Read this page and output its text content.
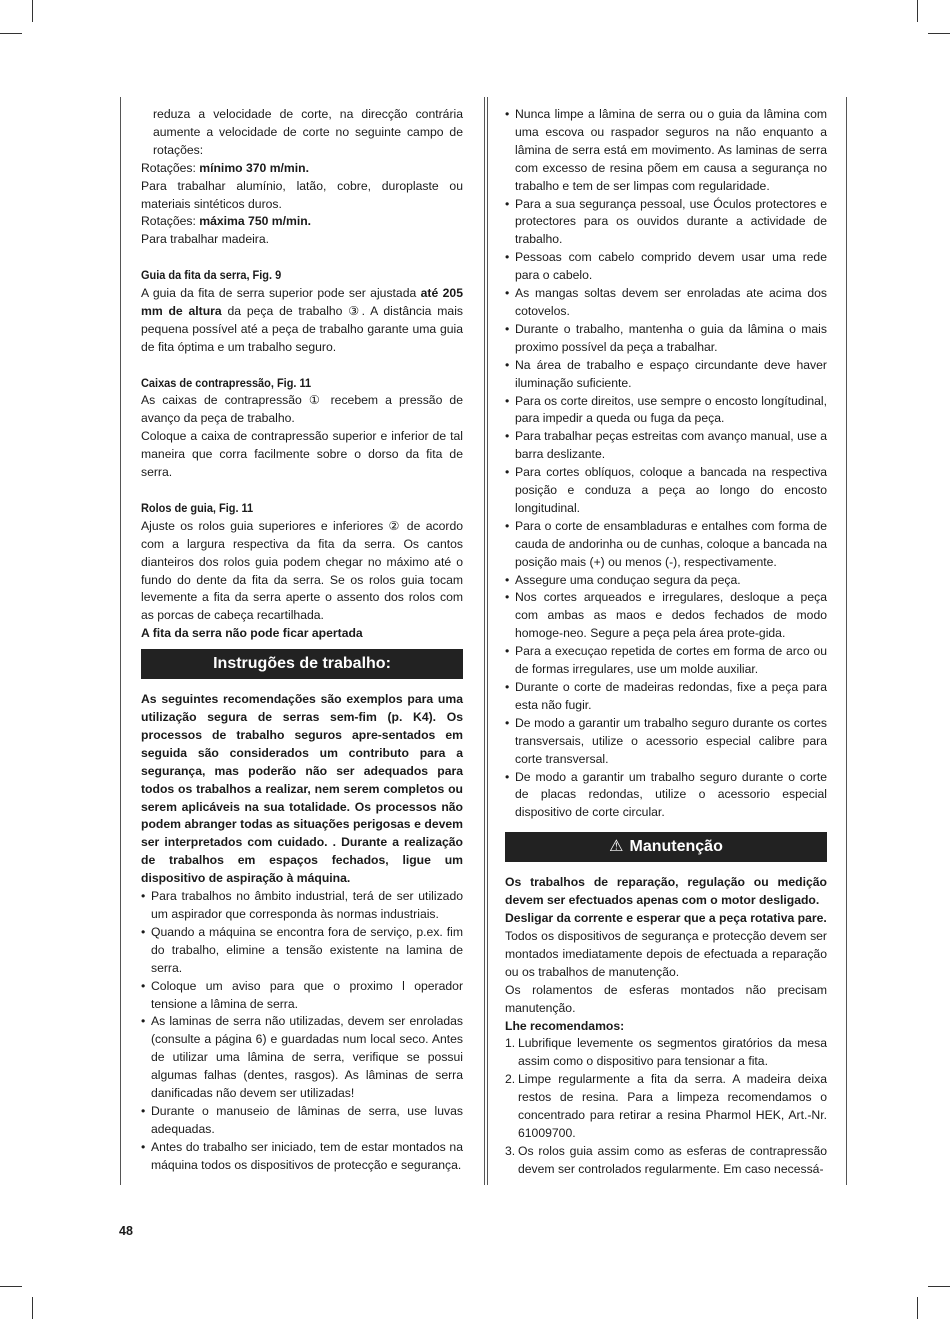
reduza a velocidade de corte, na direcção contrária aumente a velocidade de corte no seguinte campo de rotações:

Rotações: mínimo 370 m/min.

Para trabalhar alumínio, latão, cobre, duroplaste ou materiais sintéticos duros.

Rotações: máxima 750 m/min.

Para trabalhar madeira.

Guia da fita da serra, Fig. 9

A guia da fita de serra superior pode ser ajustada até 205 mm de altura da peça de trabalho ③. A distância mais pequena possível até a peça de trabalho garante uma guia de fita óptima e um trabalho seguro.

Caixas de contrapressão, Fig. 11

As caixas de contrapressão ① recebem a pressão de avanço da peça de trabalho.

Coloque a caixa de contrapressão superior e inferior de tal maneira que corra facilmente sobre o dorso da fita de serra.

Rolos de guia, Fig. 11

Ajuste os rolos guia superiores e inferiores ② de acordo com a largura respectiva da fita da serra. Os cantos dianteiros dos rolos guia podem chegar no máximo até o fundo do dente da fita da serra. Se os rolos guia tocam levemente a fita da serra aperte o assento dos rolos com as porcas de cabeça recartilhada.

A fita da serra não pode ficar apertada

Instrugões de trabalho:

As seguintes recomendações são exemplos para uma utilização segura de serras sem-fim (p. K4). Os processos de trabalho seguros apre-sentados em seguida são considerados um contributo para a segurança, mas poderão não ser adequados para todos os trabalhos a realizar, nem serem completos ou serem aplicáveis na sua totalidade. Os processos não podem abranger todas as situações perigosas e devem ser interpretados com cuidado. . Durante a realização de trabalhos em espaços fechados, ligue um dispositivo de aspiração à máquina.

• Para trabalhos no âmbito industrial, terá de ser utilizado um aspirador que corresponda às normas industriais.
• Quando a máquina se encontra fora de serviço, p.ex. fim do trabalho, elimine a tensão existente na lamina de serra.
• Coloque um aviso para que o proximo l operador tensione a lâmina de serra.
• As laminas de serra não utilizadas, devem ser enroladas (consulte a página 6) e guardadas num local seco. Antes de utilizar uma lâmina de serra, verifique se possui algumas falhas (dentes, rasgos). As lâminas de serra danificadas não devem ser utilizadas!
• Durante o manuseio de lâminas de serra, use luvas adequadas.
• Antes do trabalho ser iniciado, tem de estar montados na máquina todos os dispositivos de protecção e segurança.
• Nunca limpe a lâmina de serra ou o guia da lâmina com uma escova ou raspador seguros na não enquanto a lâmina de serra está em movimento. As laminas de serra com excesso de resina põem em causa a segurança no trabalho e tem de ser limpas com regularidade.
• Para a sua segurança pessoal, use Óculos protectores e protectores para os ouvidos durante a actividade de trabalho.
• Pessoas com cabelo comprido devem usar uma rede para o cabelo.
• As mangas soltas devem ser enroladas ate acima dos cotovelos.
• Durante o trabalho, mantenha o guia da lâmina o mais proximo possível da peça a trabalhar.
• Na área de trabalho e espaço circundante deve haver iluminação suficiente.
• Para os corte direitos, use sempre o encosto longítudinal, para impedir a queda ou fuga da peça.
• Para trabalhar peças estreitas com avanço manual, use a barra deslizante.
• Para cortes oblíquos, coloque a bancada na respectiva posição e conduza a peça ao longo do encosto longitudinal.
• Para o corte de ensambladuras e entalhes com forma de cauda de andorinha ou de cunhas, coloque a bancada na posição mais (+) ou menos (-), respectivamente.
• Assegure uma conduçao segura da peça.
• Nos cortes arqueados e irregulares, desloque a peça com ambas as maos e dedos fechados de modo homoge-neo. Segure a peça pela área prote-gida.
• Para a execuçao repetida de cortes em forma de arco ou de formas irregulares, use um molde auxiliar.
• Durante o corte de madeiras redondas, fixe a peça para esta não fugir.
• De modo a garantir um trabalho seguro durante os cortes transversais, utilize o acessorio especial calibre para corte transversal.
• De modo a garantir um trabalho seguro durante o corte de placas redondas, utilize o acessorio especial dispositivo de corte circular.
⚠ Manutenção

Os trabalhos de reparação, regulação ou medição devem ser efectuados apenas com o motor desligado.

Desligar da corrente e esperar que a peça rotativa pare.

Todos os dispositivos de segurança e protecção devem ser montados imediatamente depois de efectuada a reparação ou os trabalhos de manutenção.

Os rolamentos de esferas montados não precisam manutenção.

Lhe recomendamos:

1. Lubrifique levemente os segmentos giratórios da mesa assim como o dispositivo para tensionar a fita.
2. Limpe regularmente a fita da serra. A madeira deixa restos de resina. Para a limpeza recomendamos o concentrado para retirar a resina Pharmol HEK, Art.-Nr. 61009700.
3. Os rolos guia assim como as esferas de contrapressão devem ser controlados regularmente. Em caso necessá-
48
